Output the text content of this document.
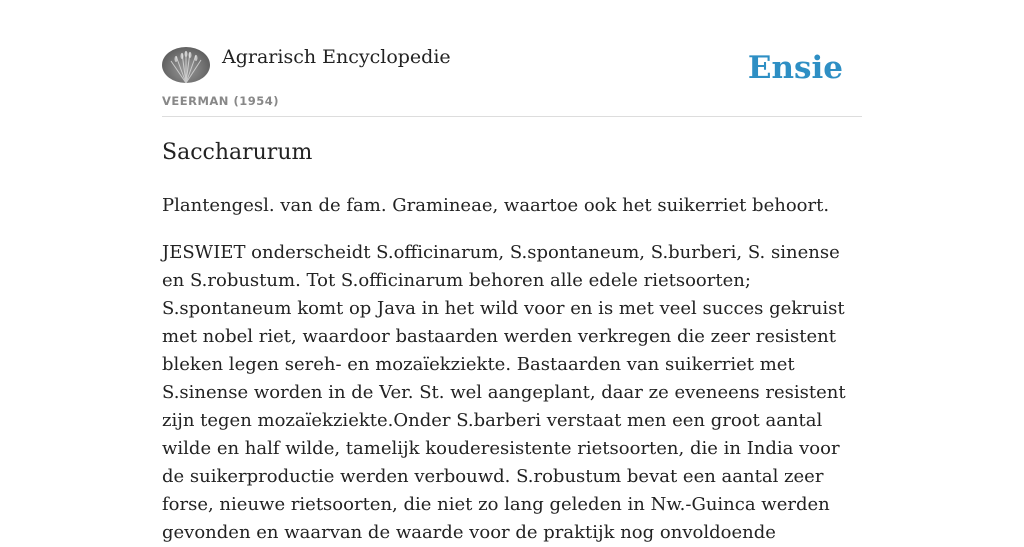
Agrarisch Encyclopedie
VEERMAN (1954)
Ensie
Saccharurum

Plantengesl. van de fam. Gramineae, waartoe ook het suikerriet behoort.

JESWIET onderscheidt S.officinarum, S.spontaneum, S.burberi, S. sinense en S.robustum. Tot S.officinarum behoren alle edele rietsoorten; S.spontaneum komt op Java in het wild voor en is met veel succes gekruist met nobel riet, waardoor bastaarden werden verkregen die zeer resistent bleken legen sereh- en mozaïekziekte. Bastaarden van suikerriet met S.sinense worden in de Ver. St. wel aangeplant, daar ze eveneens resistent zijn tegen mozaïekziekte.Onder S.barberi verstaat men een groot aantal wilde en half wilde, tamelijk kouderesistente rietsoorten, die in India voor de suikerproductie werden verbouwd. S.robustum bevat een aantal zeer forse, nieuwe rietsoorten, die niet zo lang geleden in Nw.-Guinca werden gevonden en waarvan de waarde voor de praktijk nog onvoldoende
